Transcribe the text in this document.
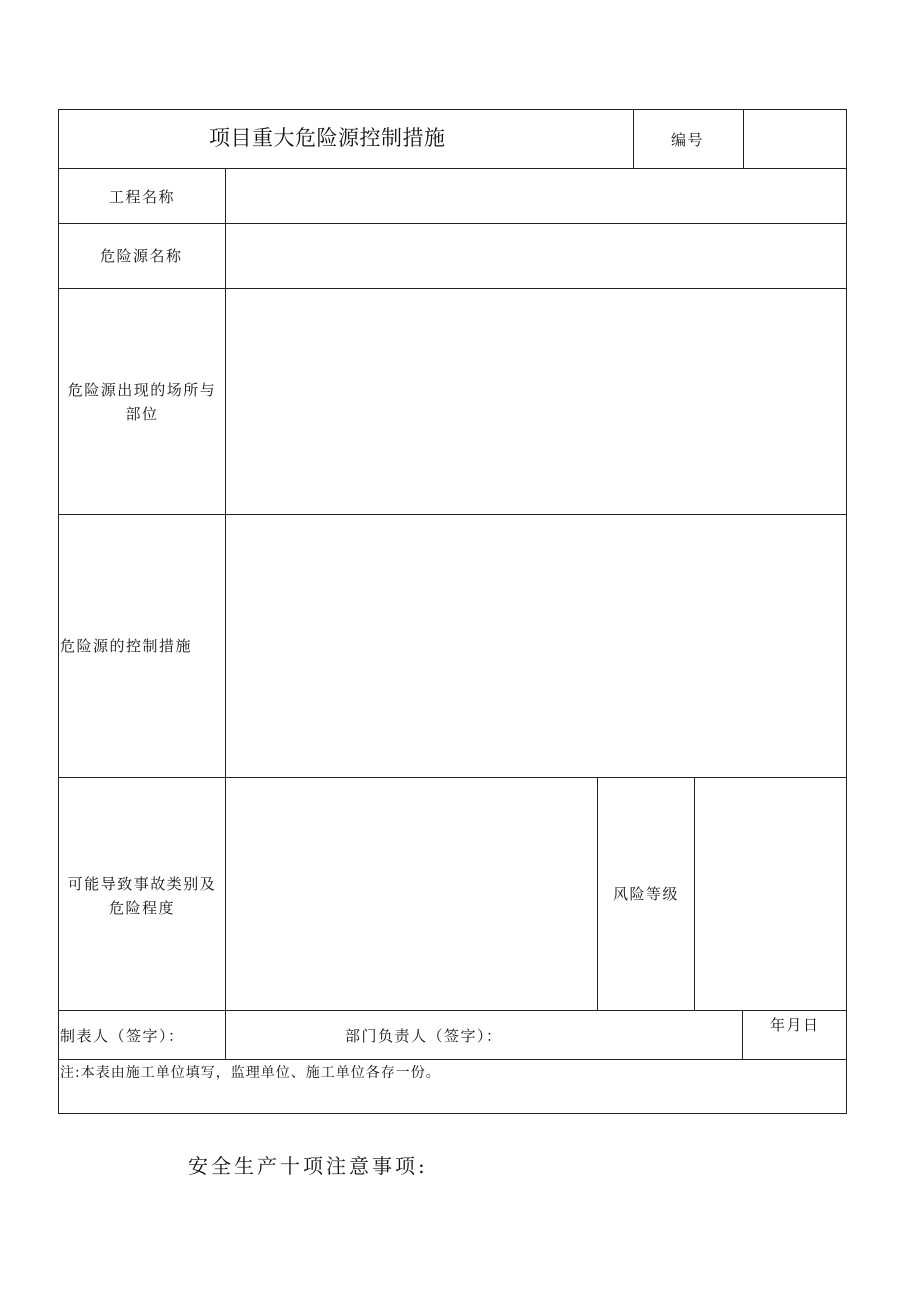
项目重大危险源控制措施	编号
工程名称
危险源名称
危险源出现的场所与
部位
危险源的控制措施
可能导致事故类别及
危险程度
风险等级
制表人（签字）：	部门负责人（签字）：
年月日
注:本表由施工单位填写，监理单位、施工单位各存一份。
安全生产十项注意事项:
